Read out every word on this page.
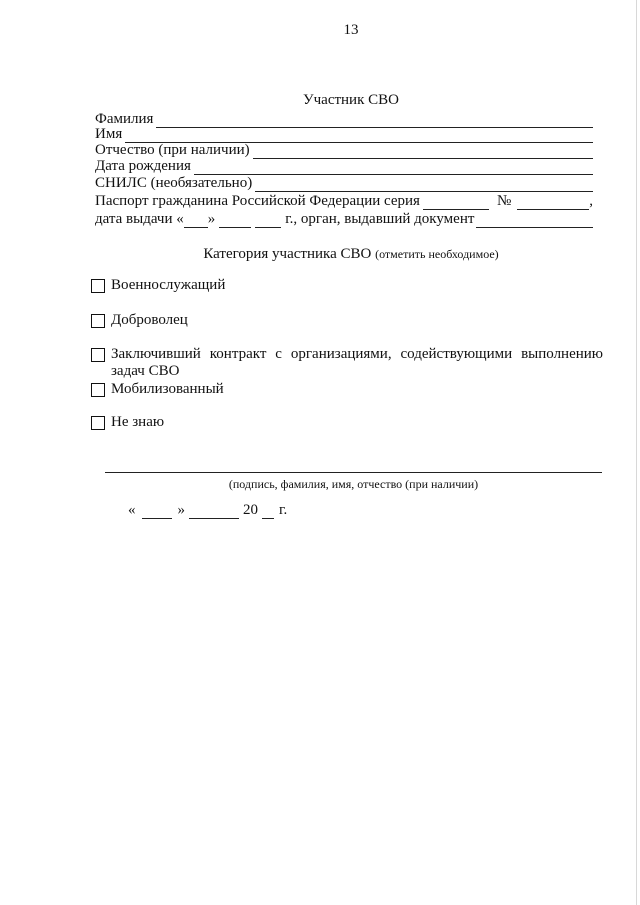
13
Участник СВО
Фамилия
Имя
Отчество (при наличии)
Дата рождения
СНИЛС (необязательно)
Паспорт гражданина Российской Федерации серия	№	,
дата выдачи « »	г., орган, выдавший документ
Категория участника СВО (отметить необходимое)
Военнослужащий
Доброволец
Заключивший контракт с организациями, содействующими выполнению задач СВО
Мобилизованный
Не знаю
(подпись, фамилия, имя, отчество (при наличии)
«	»	20 г.
